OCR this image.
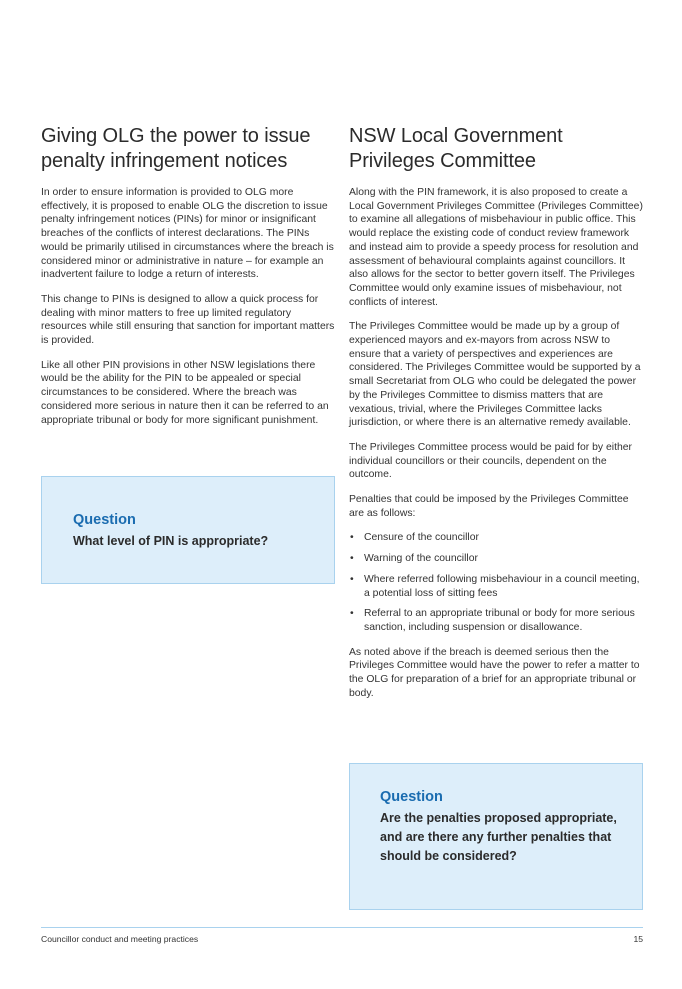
Giving OLG the power to issue penalty infringement notices

In order to ensure information is provided to OLG more effectively, it is proposed to enable OLG the discretion to issue penalty infringement notices (PINs) for minor or insignificant breaches of the conflicts of interest declarations. The PINs would be primarily utilised in circumstances where the breach is considered minor or administrative in nature – for example an inadvertent failure to lodge a return of interests.

This change to PINs is designed to allow a quick process for dealing with minor matters to free up limited regulatory resources while still ensuring that sanction for important matters is provided.

Like all other PIN provisions in other NSW legislations there would be the ability for the PIN to be appealed or special circumstances to be considered. Where the breach was considered more serious in nature then it can be referred to an appropriate tribunal or body for more significant punishment.

Question
What level of PIN is appropriate?
NSW Local Government Privileges Committee

Along with the PIN framework, it is also proposed to create a Local Government Privileges Committee (Privileges Committee) to examine all allegations of misbehaviour in public office. This would replace the existing code of conduct review framework and instead aim to provide a speedy process for resolution and assessment of behavioural complaints against councillors. It also allows for the sector to better govern itself. The Privileges Committee would only examine issues of misbehaviour, not conflicts of interest.

The Privileges Committee would be made up by a group of experienced mayors and ex-mayors from across NSW to ensure that a variety of perspectives and experiences are considered. The Privileges Committee would be supported by a small Secretariat from OLG who could be delegated the power by the Privileges Committee to dismiss matters that are vexatious, trivial, where the Privileges Committee lacks jurisdiction, or where there is an alternative remedy available.

The Privileges Committee process would be paid for by either individual councillors or their councils, dependent on the outcome.

Penalties that could be imposed by the Privileges Committee are as follows:

• Censure of the councillor
• Warning of the councillor
• Where referred following misbehaviour in a council meeting, a potential loss of sitting fees
• Referral to an appropriate tribunal or body for more serious sanction, including suspension or disallowance.

As noted above if the breach is deemed serious then the Privileges Committee would have the power to refer a matter to the OLG for preparation of a brief for an appropriate tribunal or body.

Question
Are the penalties proposed appropriate, and are there any further penalties that should be considered?
Councillor conduct and meeting practices	15
